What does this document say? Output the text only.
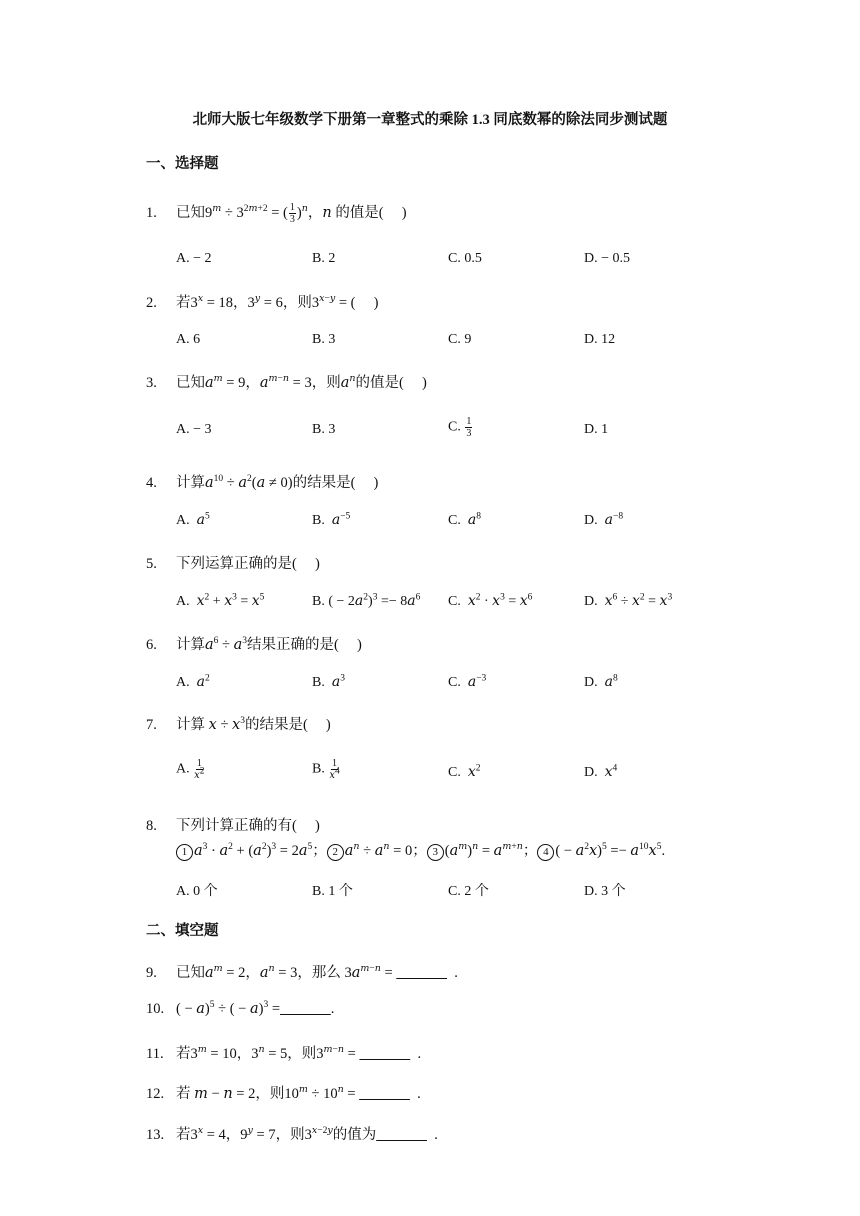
北师大版七年级数学下册第一章整式的乘除 1.3 同底数幂的除法同步测试题
一、选择题
1. 已知$9^m \div 3^{2m+2}$ = ( $\frac{1}{3} )^n$，n 的值是(　 )
A. − 2	B. 2	C. 0.5	D. − 0.5
2. 若$3^x = 18$，$3^y = 6$，则$3^{x-y}$ = (　 )
A. 6	B. 3	C. 9	D. 12
3. 已知$a^m = 9$，$a^{m-n} = 3$，则$a^n$的值是(　 )
A. − 3	B. 3	C. $\frac{1}{3}$	D. 1
4. 计算$a^{10} \div a^2(a \ne 0)$的结果是(　 )
A.  $a^5$	B.  $a^{-5}$	C.  $a^8$	D.  $a^{-8}$
5. 下列运算正确的是(　 )
A.  $x^2 + x^3 = x^5$	B. ( − $2a^2)^3 =- 8a^6$ C.  $x^2 \cdot x^3 = x^6$	D.  $x^6 \div x^2 = x^3$
6. 计算$a^6 \div a^3$结果正确的是(　 )
A.  $a^2$	B.  $a^3$	C.  $a^{-3}$	D.  $a^8$
7. 计算 $x \div x^3$的结果是(　 )
A. $\frac{1}{x^2}$	B. $\frac{1}{x^4}$	C.  $x^2$	D.  $x^4$
8. 下列计算正确的有(　 )
1 $a^3 \cdot a^2 + (a^2)^3 = 2a^5$； 2 $a^n \div a^n = 0$； 3 $(a^m)^n = a^{m+n}$； 4 ( − $a^2x)^5 =- a^{10}x^5$.
A. 0 个	B. 1 个	C. 2 个	D. 3 个
二、填空题
9. 已知$a^m = 2$，$a^n = 3$，那么 $3a^{m-n}$ =	.
10. ( − a)$^5$ ÷ ( − a)$^3$ =	.
11. 若$3^m = 10$，$3^n = 5$，则$3^{m-n}$ =	.
12. 若 m − n = 2，则$10^m \div 10^n$ =	.
13. 若$3^x = 4$，$9^y = 7$，则$3^{x-2y}$的值为	.
